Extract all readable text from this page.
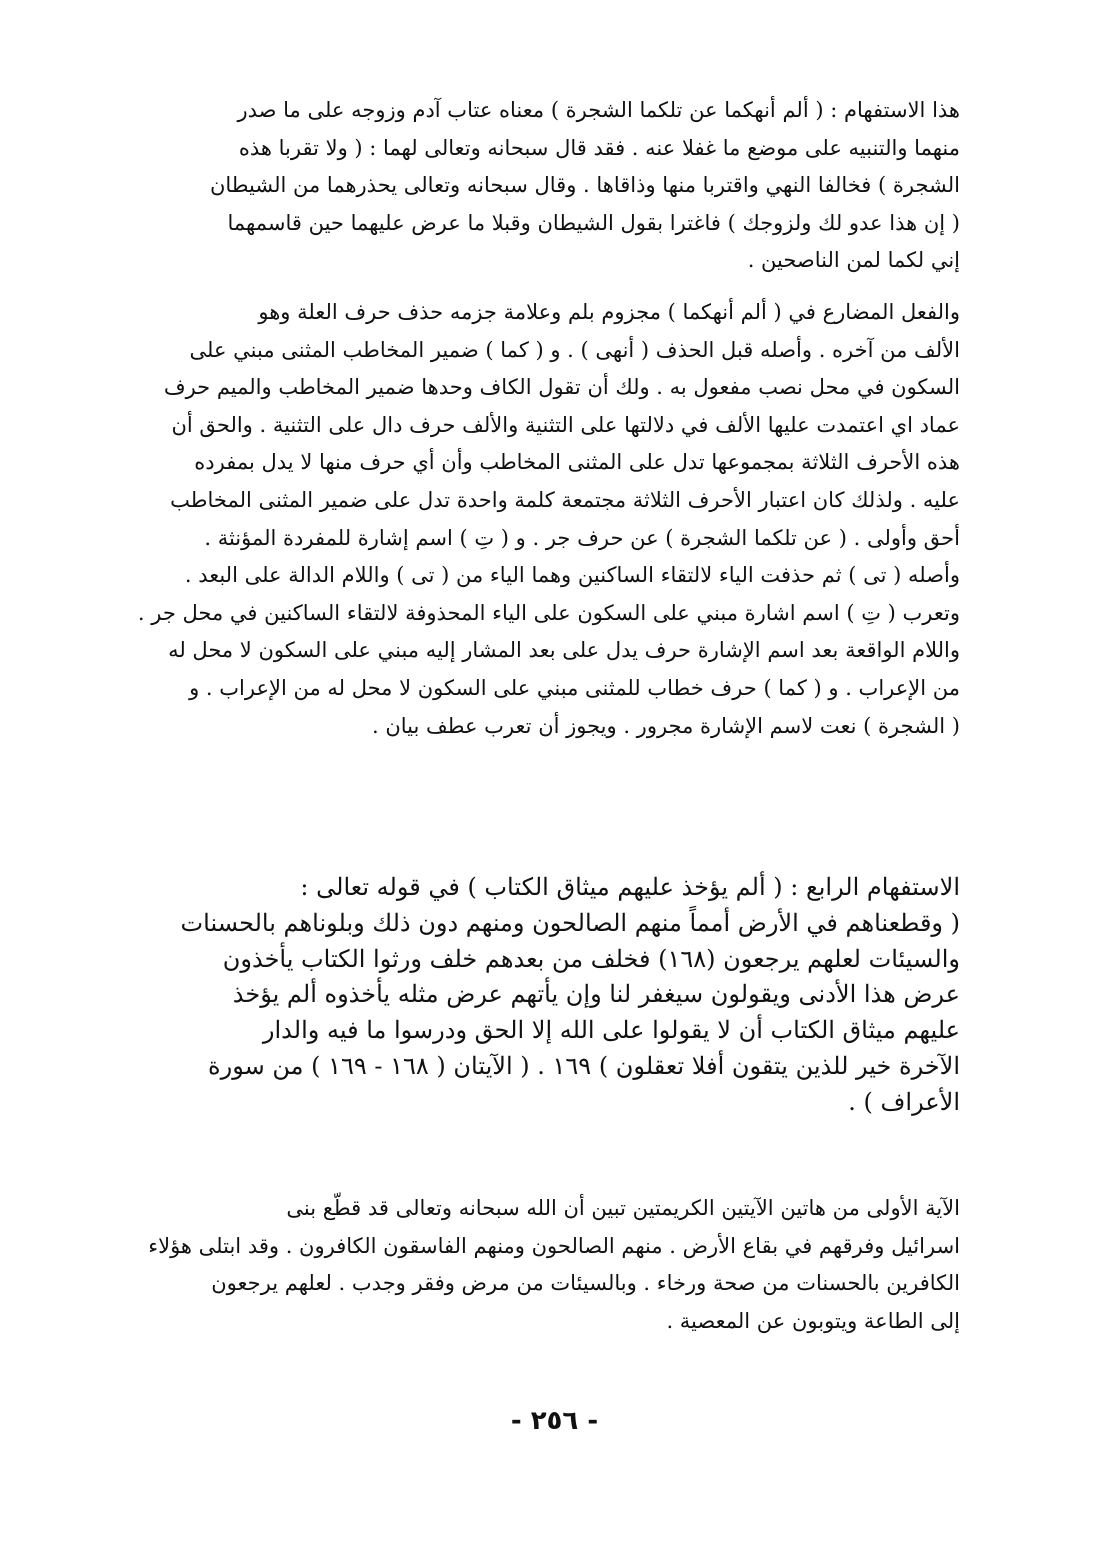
هذا الاستفهام : ( ألم أنهكما عن تلكما الشجرة ) معناه عتاب آدم وزوجه على ما صدر
منهما والتنبيه على موضع ما غفلا عنه . فقد قال سبحانه وتعالى لهما : ( ولا تقربا هذه
الشجرة ) فخالفا النهي واقتربا منها وذاقاها . وقال سبحانه وتعالى يحذرهما من الشيطان
( إن هذا عدو لك ولزوجك ) فاغترا بقول الشيطان وقبلا ما عرض عليهما حين قاسمهما
إني لكما لمن الناصحين .

والفعل المضارع في ( ألم أنهكما ) مجزوم بلم وعلامة جزمه حذف حرف العلة وهو
الألف من آخره . وأصله قبل الحذف ( أنهى ) . و ( كما ) ضمير المخاطب المثنى مبني على
السكون في محل نصب مفعول به . ولك أن تقول الكاف وحدها ضمير المخاطب والميم حرف
عماد اي اعتمدت عليها الألف في دلالتها على التثنية والألف حرف دال على التثنية . والحق أن
هذه الأحرف الثلاثة بمجموعها تدل على المثنى المخاطب وأن أي حرف منها لا يدل بمفرده
عليه . ولذلك كان اعتبار الأحرف الثلاثة مجتمعة كلمة واحدة تدل على ضمير المثنى المخاطب
أحق وأولى . ( عن تلكما الشجرة ) عن حرف جر . و ( تِ ) اسم إشارة للمفردة المؤنثة .
وأصله ( تى ) ثم حذفت الياء لالتقاء الساكنين وهما الياء من ( تى ) واللام الدالة على البعد .
وتعرب ( تِ ) اسم اشارة مبني على السكون على الياء المحذوفة لالتقاء الساكنين في محل جر .
واللام الواقعة بعد اسم الإشارة حرف يدل على بعد المشار إليه مبني على السكون لا محل له
من الإعراب . و ( كما ) حرف خطاب للمثنى مبني على السكون لا محل له من الإعراب . و
( الشجرة ) نعت لاسم الإشارة مجرور . ويجوز أن تعرب عطف بيان .

الاستفهام الرابع : ( ألم يؤخذ عليهم ميثاق الكتاب ) في قوله تعالى :
( وقطعناهم في الأرض أمماً منهم الصالحون ومنهم دون ذلك وبلوناهم بالحسنات
والسيئات لعلهم يرجعون (١٦٨) فخلف من بعدهم خلف ورثوا الكتاب يأخذون
عرض هذا الأدنى ويقولون سيغفر لنا وإن يأتهم عرض مثله يأخذوه ألم يؤخذ
عليهم ميثاق الكتاب أن لا يقولوا على الله إلا الحق ودرسوا ما فيه والدار
الآخرة خير للذين يتقون أفلا تعقلون ) ١٦٩ . ( الآيتان ( ١٦٨ - ١٦٩ ) من سورة
الأعراف ) .

الآية الأولى من هاتين الآيتين الكريمتين تبين أن الله سبحانه وتعالى قد قطّع بنى
اسرائيل وفرقهم في بقاع الأرض . منهم الصالحون ومنهم الفاسقون الكافرون . وقد ابتلى هؤلاء
الكافرين بالحسنات من صحة ورخاء . وبالسيئات من مرض وفقر وجدب . لعلهم يرجعون
إلى الطاعة ويتوبون عن المعصية .

- ٢٥٦ -
